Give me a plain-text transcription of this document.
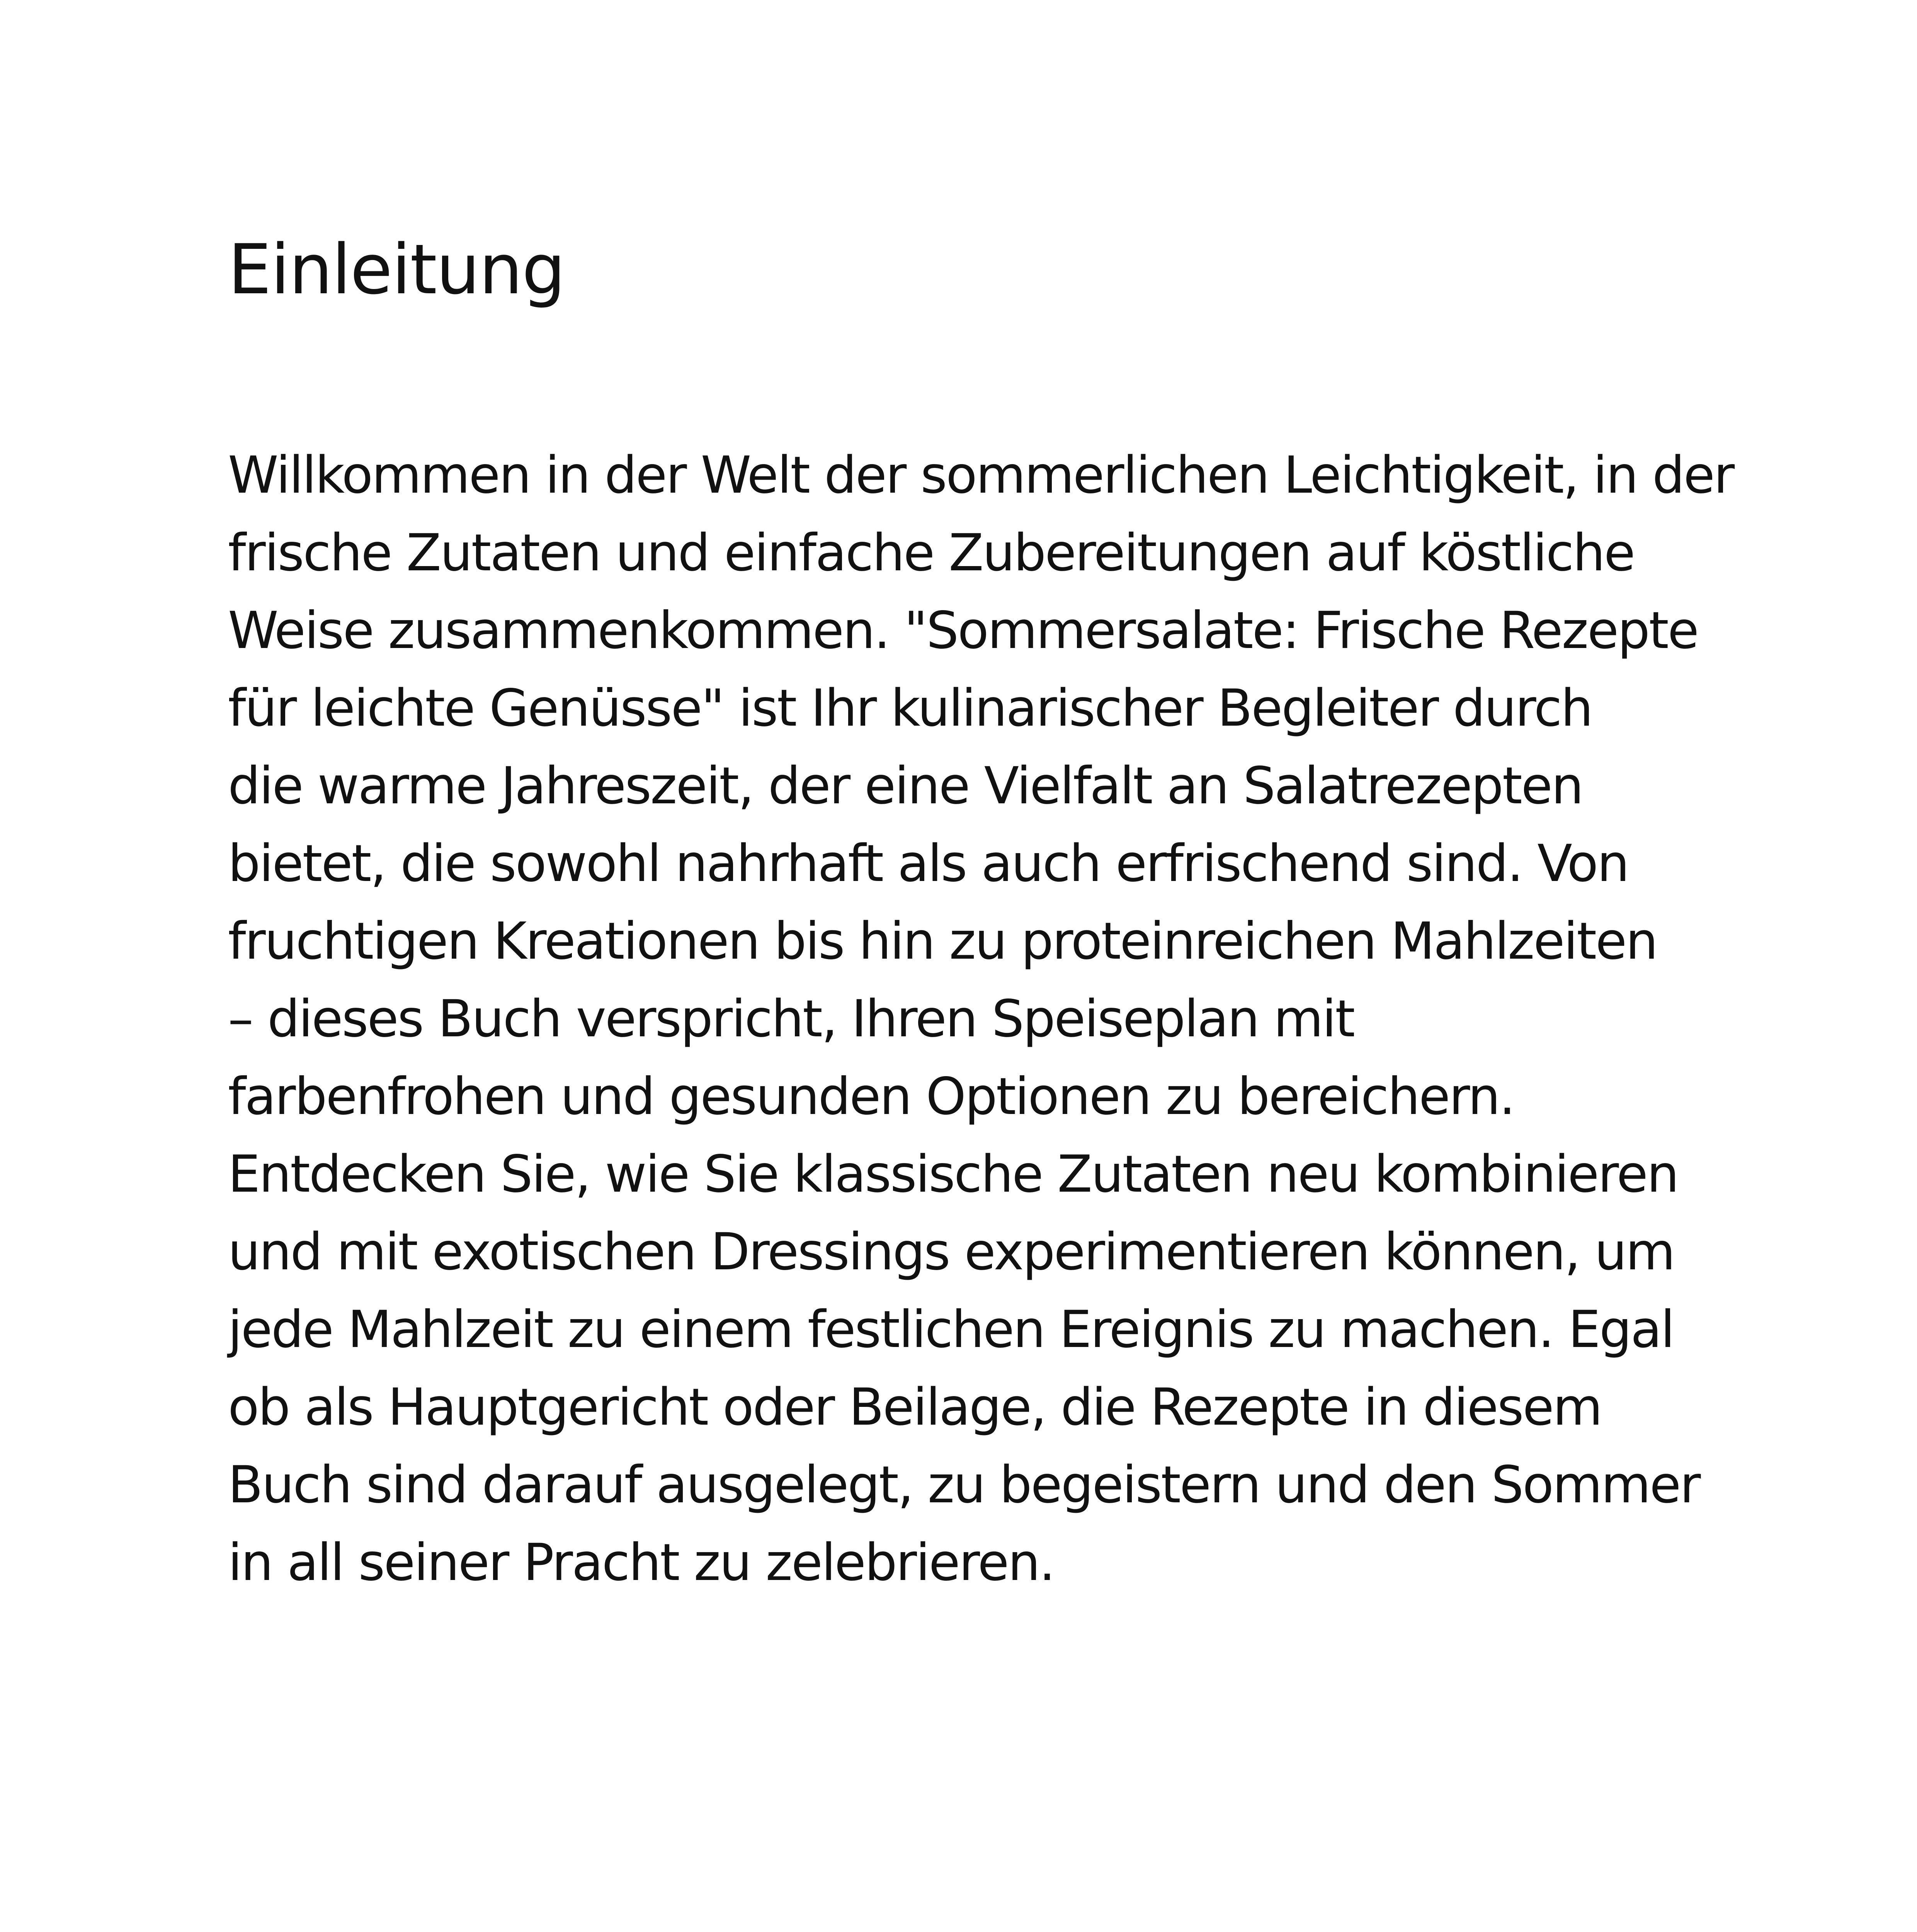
Einleitung
Willkommen in der Welt der sommerlichen Leichtigkeit, in der
frische Zutaten und einfache Zubereitungen auf köstliche
Weise zusammenkommen. "Sommersalate: Frische Rezepte
für leichte Genüsse" ist Ihr kulinarischer Begleiter durch
die warme Jahreszeit, der eine Vielfalt an Salatrezepten
bietet, die sowohl nahrhaft als auch erfrischend sind. Von
fruchtigen Kreationen bis hin zu proteinreichen Mahlzeiten
– dieses Buch verspricht, Ihren Speiseplan mit
farbenfrohen und gesunden Optionen zu bereichern.
Entdecken Sie, wie Sie klassische Zutaten neu kombinieren
und mit exotischen Dressings experimentieren können, um
jede Mahlzeit zu einem festlichen Ereignis zu machen. Egal
ob als Hauptgericht oder Beilage, die Rezepte in diesem
Buch sind darauf ausgelegt, zu begeistern und den Sommer
in all seiner Pracht zu zelebrieren.
